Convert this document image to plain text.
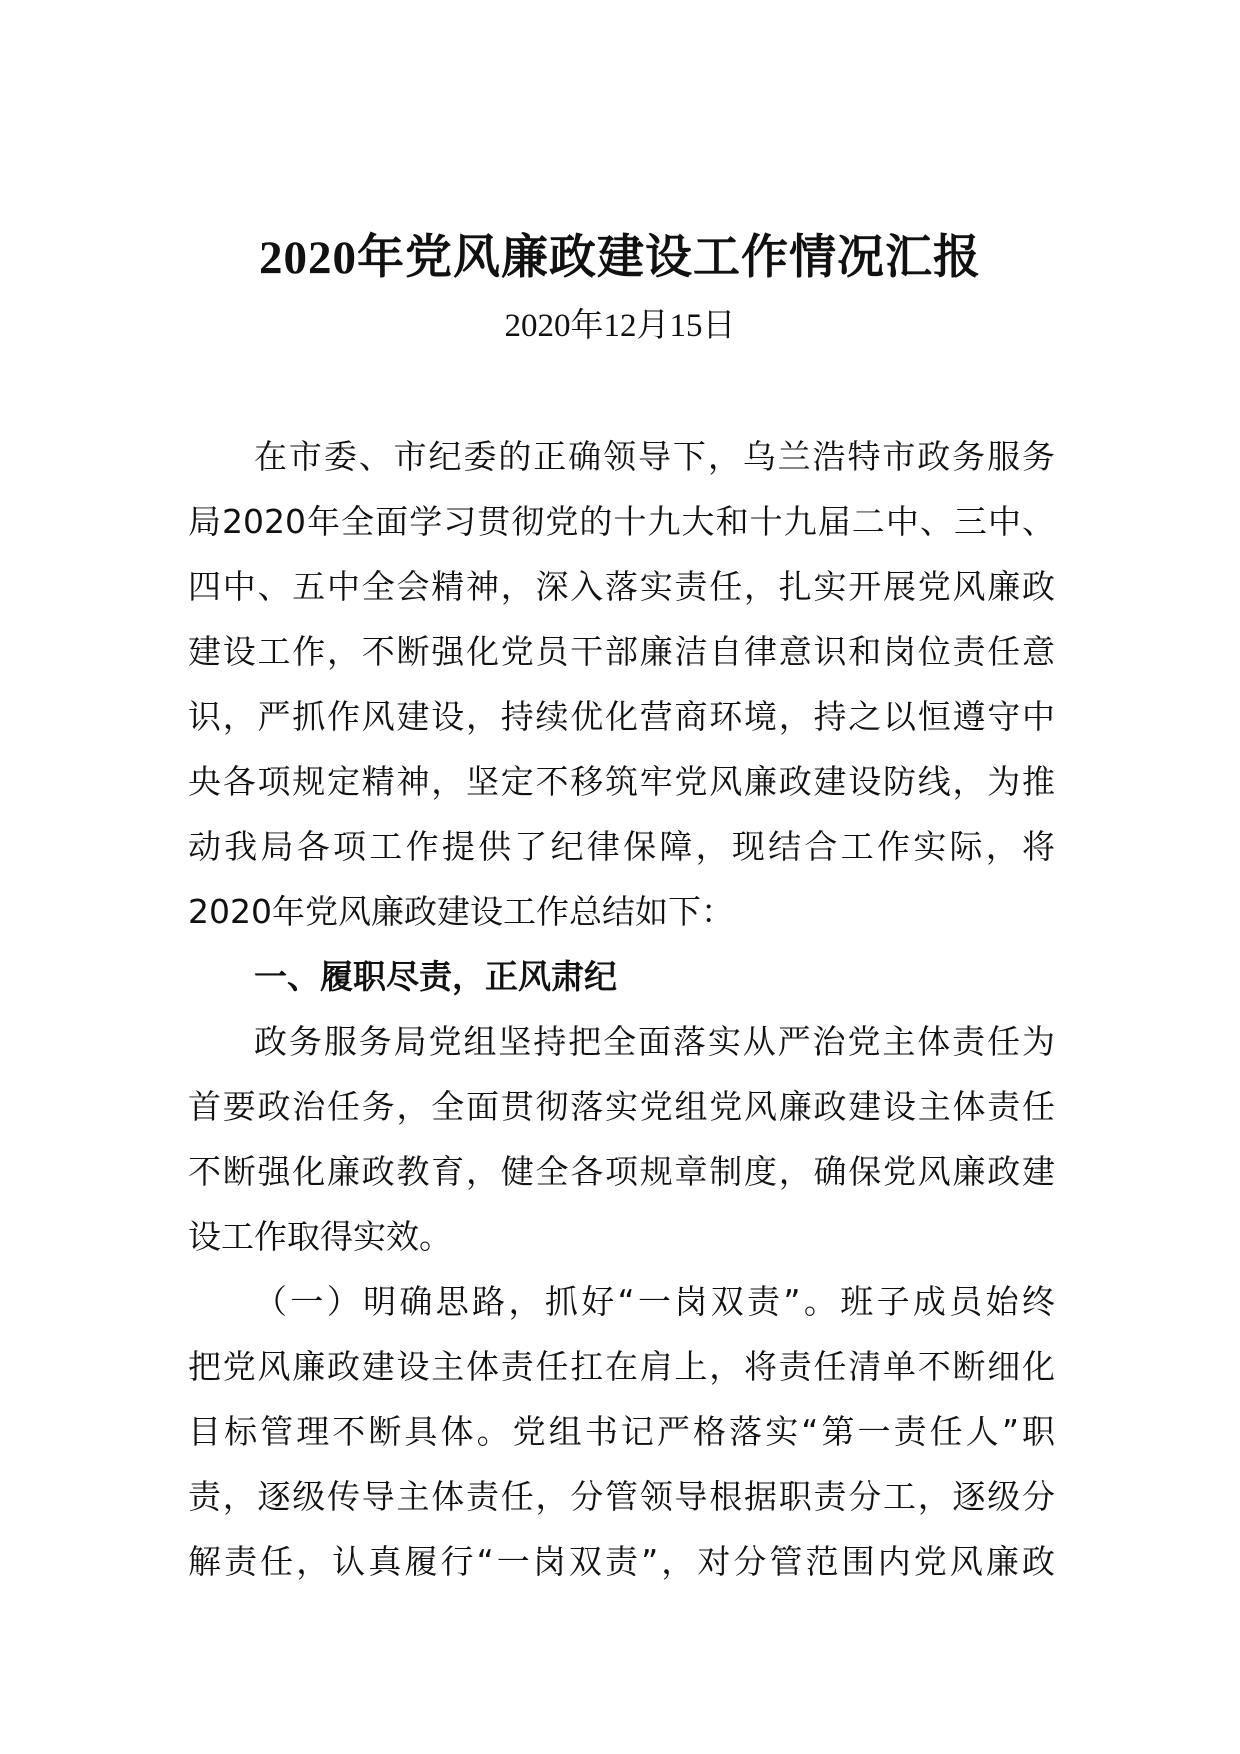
2020年党风廉政建设工作情况汇报
2020年12月15日
在市委、市纪委的正确领导下，乌兰浩特市政务服务
局2020年全面学习贯彻党的十九大和十九届二中、三中、
四中、五中全会精神，深入落实责任，扎实开展党风廉政
建设工作，不断强化党员干部廉洁自律意识和岗位责任意
识，严抓作风建设，持续优化营商环境，持之以恒遵守中
央各项规定精神，坚定不移筑牢党风廉政建设防线，为推
动我局各项工作提供了纪律保障，现结合工作实际，将
2020年党风廉政建设工作总结如下：
一、履职尽责，正风肃纪
政务服务局党组坚持把全面落实从严治党主体责任为
首要政治任务，全面贯彻落实党组党风廉政建设主体责任
不断强化廉政教育，健全各项规章制度，确保党风廉政建
设工作取得实效。
（一）明确思路，抓好“一岗双责”。班子成员始终
把党风廉政建设主体责任扛在肩上，将责任清单不断细化
目标管理不断具体。党组书记严格落实“第一责任人”职
责，逐级传导主体责任，分管领导根据职责分工，逐级分
解责任，认真履行“一岗双责”，对分管范围内党风廉政
